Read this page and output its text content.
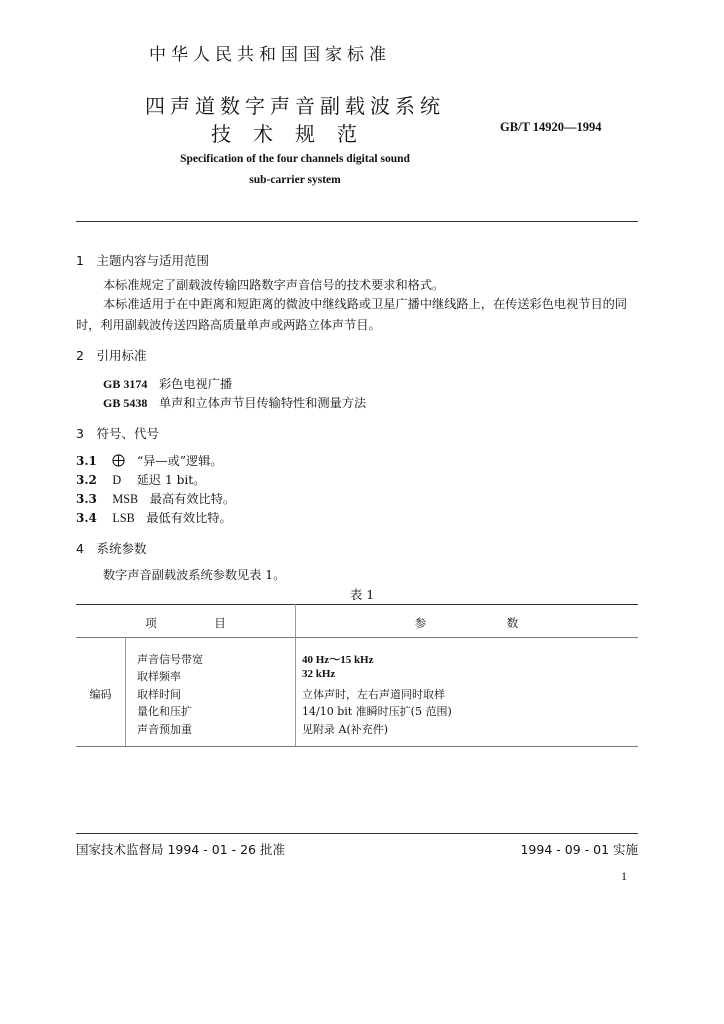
中华人民共和国国家标准
四声道数字声音副载波系统
技术规范	GB/T 14920—1994
Specification of the four channels digital sound
sub-carrier system
1　主题内容与适用范围
本标准规定了副载波传输四路数字声音信号的技术要求和格式。
本标准适用于在中距离和短距离的微波中继线路或卫星广播中继线路上，在传送彩色电视节目的同时，利用副载波传送四路高质量单声或两路立体声节目。
2　引用标准
GB 3174 彩色电视广播
GB 5438 单声和立体声节目传输特性和测量方法
3　符号、代号
3.1	“异—或”逻辑。
3.2 D 延迟 1 bit。
3.3 MSB 最高有效比特。
3.4 LSB 最低有效比特。
4　系统参数
数字声音副载波系统参数见表 1。
表 1
项　　　　　目	参　　　　　　　数
编码
声音信号带宽	40 Hz～15 kHz
取样频率	32 kHz
取样时间	立体声时，左右声道同时取样
量化和压扩	14/10 bit 准瞬时压扩(5 范围)
声音预加重	见附录 A(补充件)
国家技术监督局 1994 - 01 - 26 批准	1994 - 09 - 01 实施
1
